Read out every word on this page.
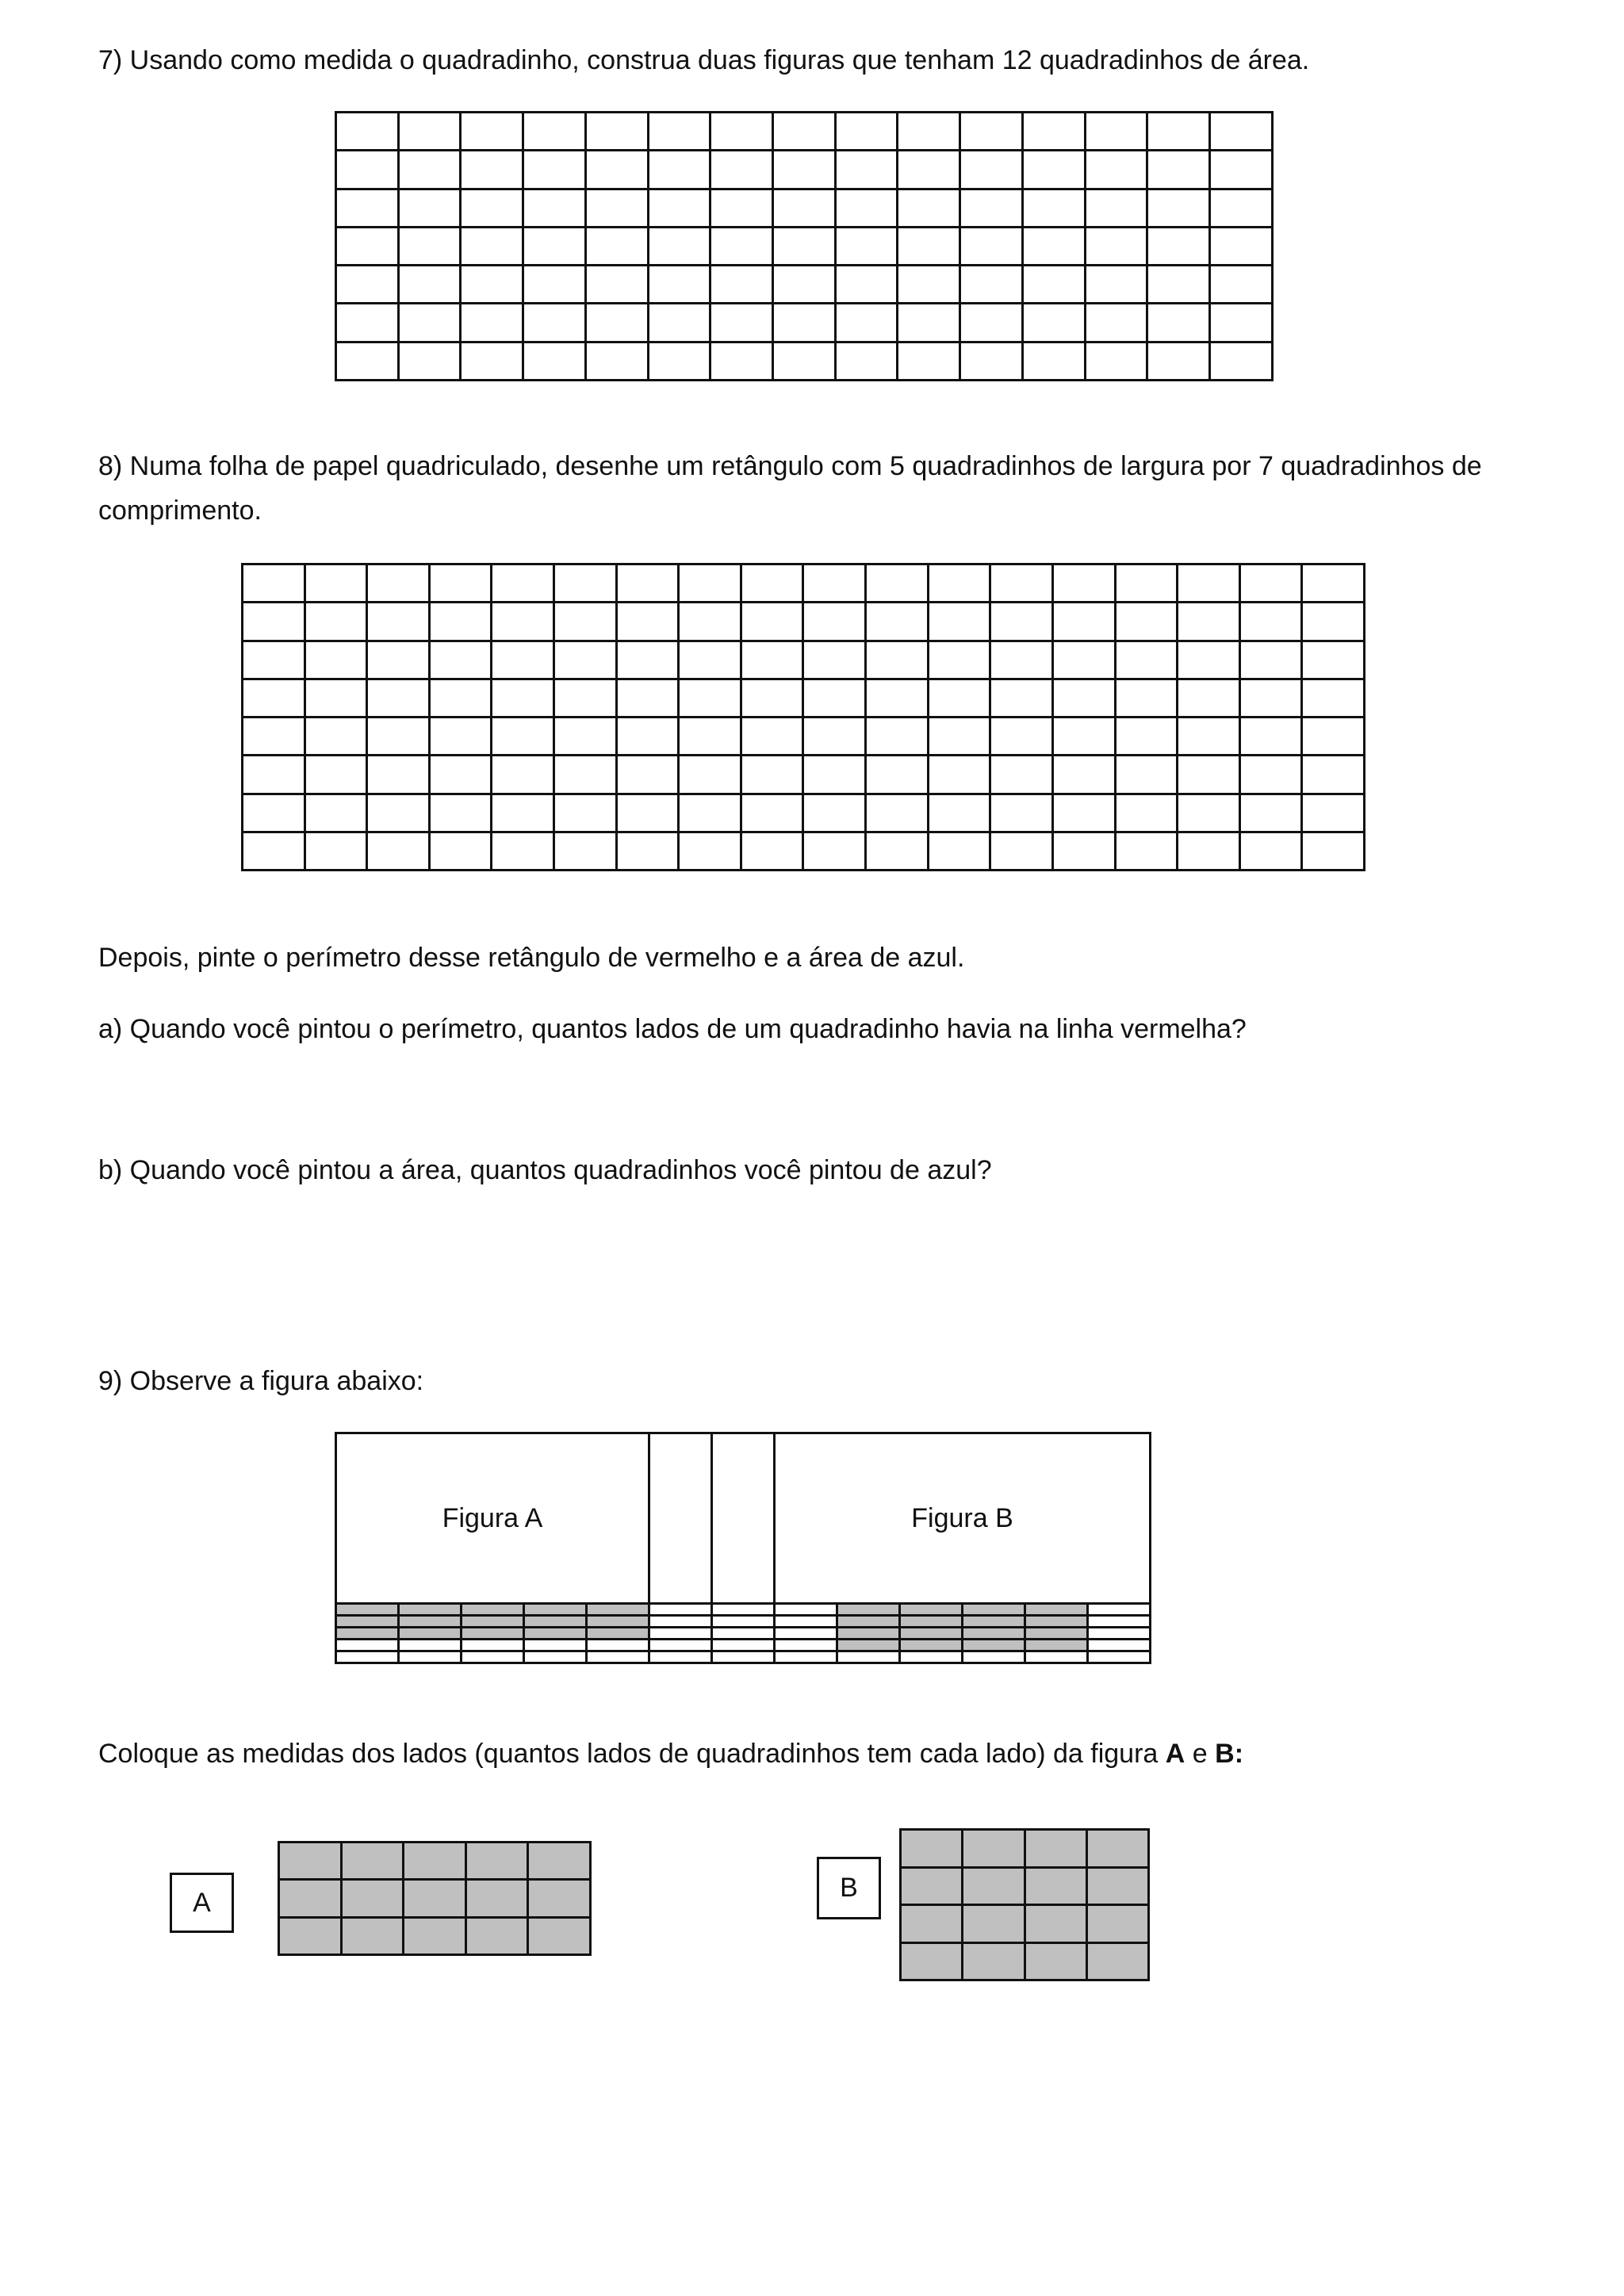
7) Usando como medida o quadradinho, construa duas figuras que tenham 12 quadradinhos de área.

8) Numa folha de papel quadriculado, desenhe um retângulo com 5 quadradinhos de largura por 7 quadradinhos de
comprimento.

Depois, pinte o perímetro desse retângulo de vermelho e a área de azul.
a) Quando você pintou o perímetro, quantos lados de um quadradinho havia na linha vermelha?
b) Quando você pintou a área, quantos quadradinhos você pintou de azul?
9) Observe a figura abaixo:
Figura A							Figura B					

Coloque as medidas dos lados (quantos lados de quadradinhos tem cada lado) da figura A e B:
A

					B
